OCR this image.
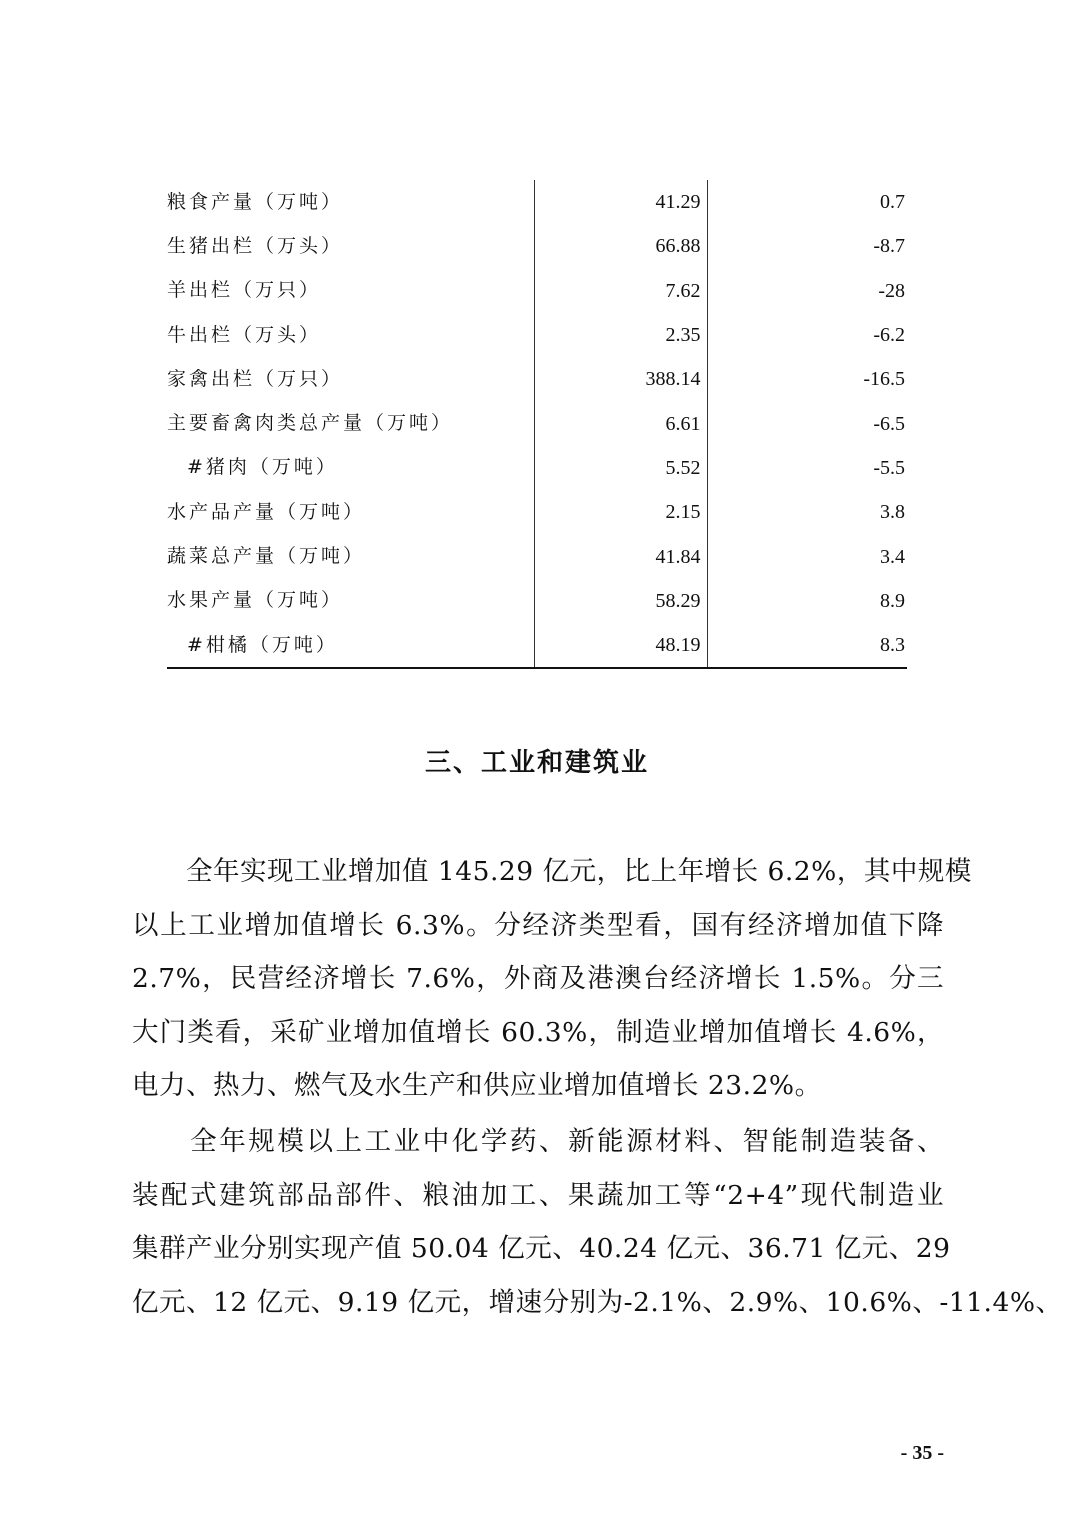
粮食产量（万吨）	41.29	0.7
生猪出栏（万头）	66.88	-8.7
羊出栏（万只）	7.62	-28
牛出栏（万头）	2.35	-6.2
家禽出栏（万只）	388.14	-16.5
主要畜禽肉类总产量（万吨）	6.61	-6.5
#猪肉（万吨）	5.52	-5.5
水产品产量（万吨）	2.15	3.8
蔬菜总产量（万吨）	41.84	3.4
水果产量（万吨）	58.29	8.9
#柑橘（万吨）	48.19	8.3
三、工业和建筑业
　　全年实现工业增加值 145.29 亿元，比上年增长 6.2%，其中规模
以上工业增加值增长 6.3%。分经济类型看，国有经济增加值下降
2.7%，民营经济增长 7.6%，外商及港澳台经济增长 1.5%。分三
大门类看，采矿业增加值增长 60.3%，制造业增加值增长 4.6%，
电力、热力、燃气及水生产和供应业增加值增长 23.2%。
　　全年规模以上工业中化学药、新能源材料、智能制造装备、
装配式建筑部品部件、粮油加工、果蔬加工等“2+4”现代制造业
集群产业分别实现产值 50.04 亿元、40.24 亿元、36.71 亿元、29
亿元、12 亿元、9.19 亿元，增速分别为-2.1%、2.9%、10.6%、-11.4%、
- 35 -
